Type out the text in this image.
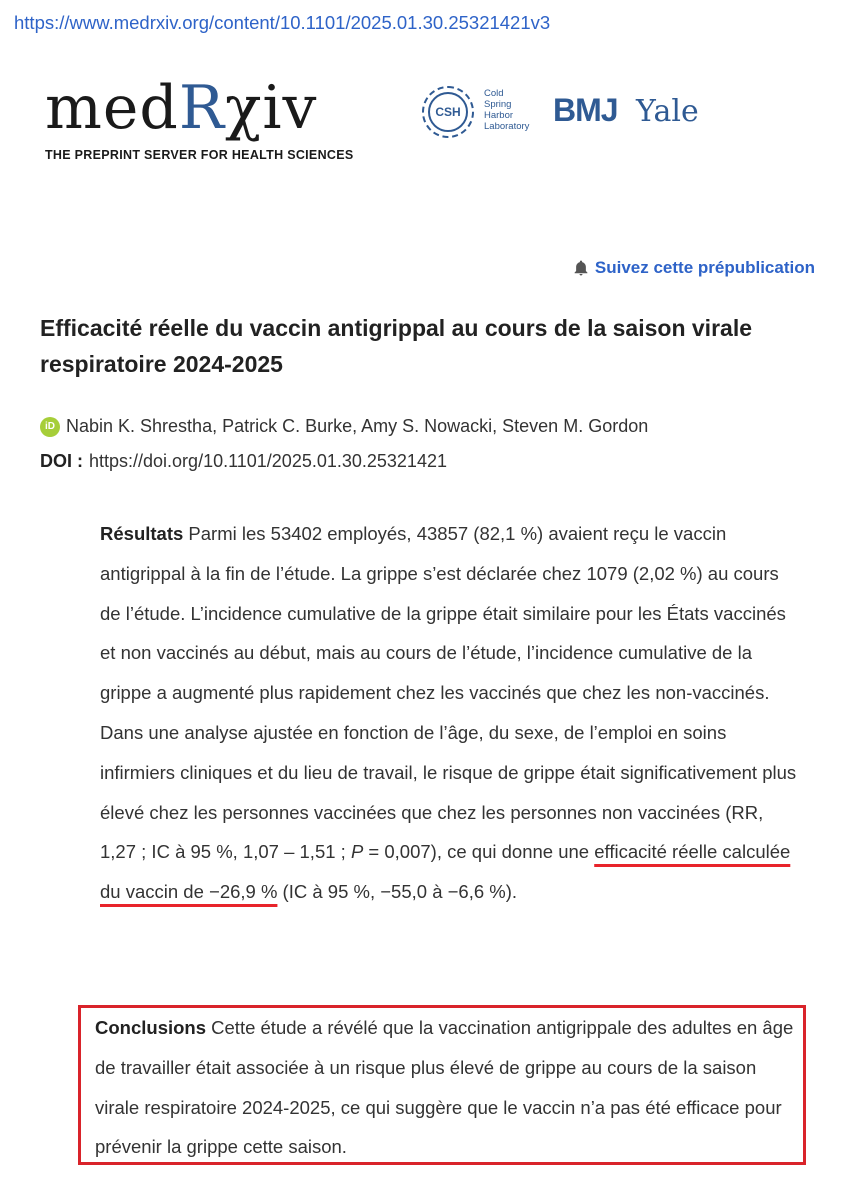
https://www.medrxiv.org/content/10.1101/2025.01.30.25321421v3
medRχiv
THE PREPRINT SERVER FOR HEALTH SCIENCES
CSH
Cold
Spring
Harbor
Laboratory BMJ Yale
Suivez cette prépublication
Efficacité réelle du vaccin antigrippal au cours de la saison virale respiratoire 2024-2025
iD Nabin K. Shrestha, Patrick C. Burke, Amy S. Nowacki, Steven M. Gordon
DOI : https://doi.org/10.1101/2025.01.30.25321421

Résultats Parmi les 53402 employés, 43857 (82,1 %) avaient reçu le vaccin antigrippal à la fin de l’étude. La grippe s’est déclarée chez 1079 (2,02 %) au cours de l’étude. L’incidence cumulative de la grippe était similaire pour les États vaccinés et non vaccinés au début, mais au cours de l’étude, l’incidence cumulative de la grippe a augmenté plus rapidement chez les vaccinés que chez les non-vaccinés. Dans une analyse ajustée en fonction de l’âge, du sexe, de l’emploi en soins infirmiers cliniques et du lieu de travail, le risque de grippe était significativement plus élevé chez les personnes vaccinées que chez les personnes non vaccinées (RR, 1,27 ; IC à 95 %, 1,07 – 1,51 ; P = 0,007), ce qui donne une efficacité réelle calculée du vaccin de −26,9 % (IC à 95 %, −55,0 à −6,6 %).

Conclusions Cette étude a révélé que la vaccination antigrippale des adultes en âge de travailler était associée à un risque plus élevé de grippe au cours de la saison virale respiratoire 2024-2025, ce qui suggère que le vaccin n’a pas été efficace pour prévenir la grippe cette saison.
